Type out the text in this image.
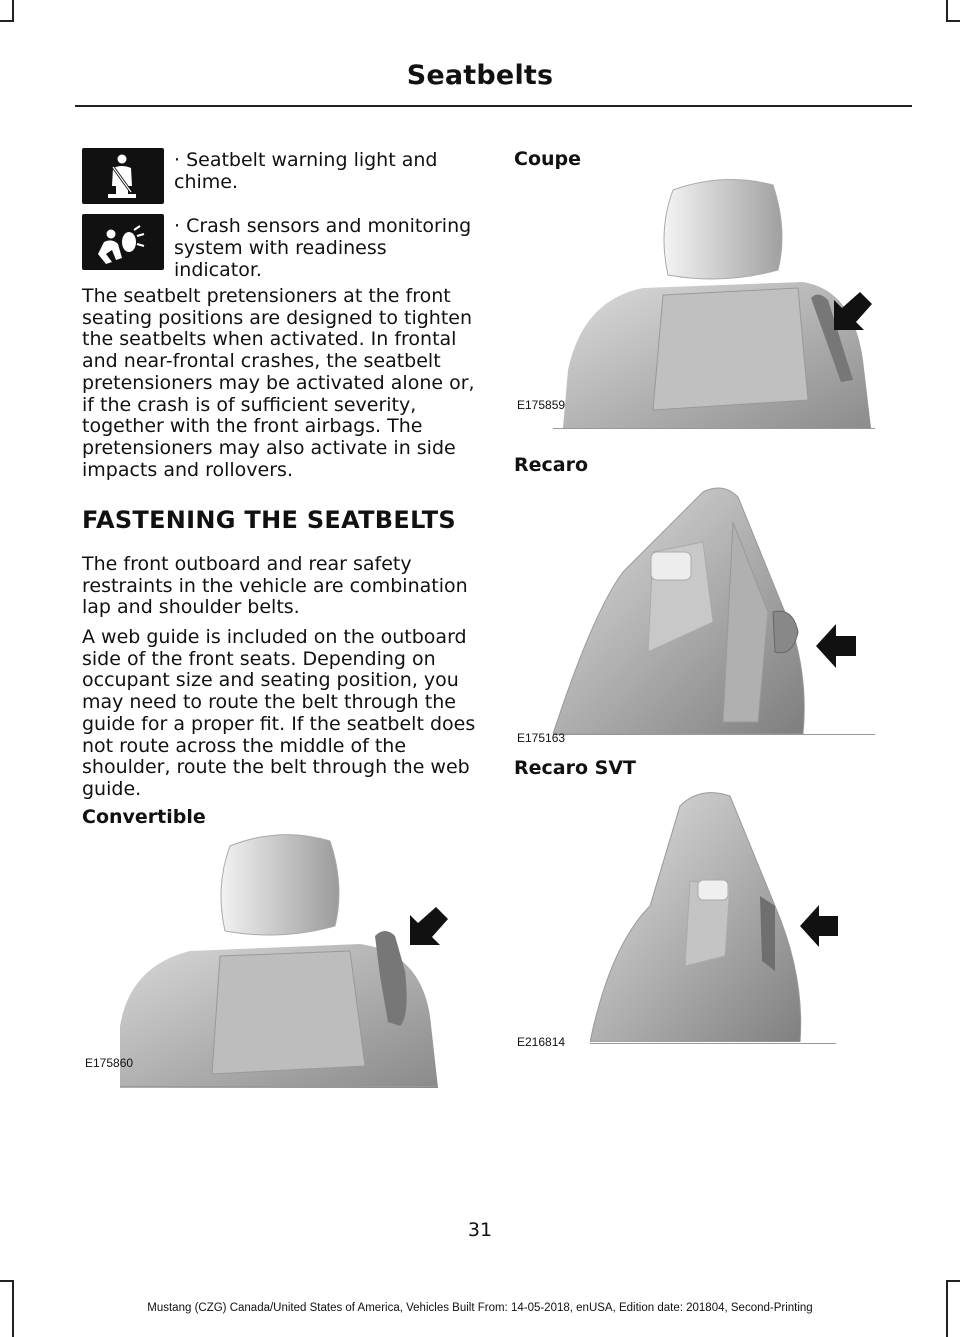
Seatbelts
· Seatbelt warning light and chime.
· Crash sensors and monitoring system with readiness indicator.
The seatbelt pretensioners at the front seating positions are designed to tighten the seatbelts when activated. In frontal and near-frontal crashes, the seatbelt pretensioners may be activated alone or, if the crash is of sufficient severity, together with the front airbags. The pretensioners may also activate in side impacts and rollovers.
FASTENING THE SEATBELTS
The front outboard and rear safety restraints in the vehicle are combination lap and shoulder belts.
A web guide is included on the outboard side of the front seats. Depending on occupant size and seating position, you may need to route the belt through the guide for a proper fit. If the seatbelt does not route across the middle of the shoulder, route the belt through the web guide.
Convertible
E175860
Coupe
E175859
Recaro
E175163
Recaro SVT
E216814
31
Mustang (CZG) Canada/United States of America, Vehicles Built From: 14-05-2018, enUSA, Edition date: 201804, Second-Printing
